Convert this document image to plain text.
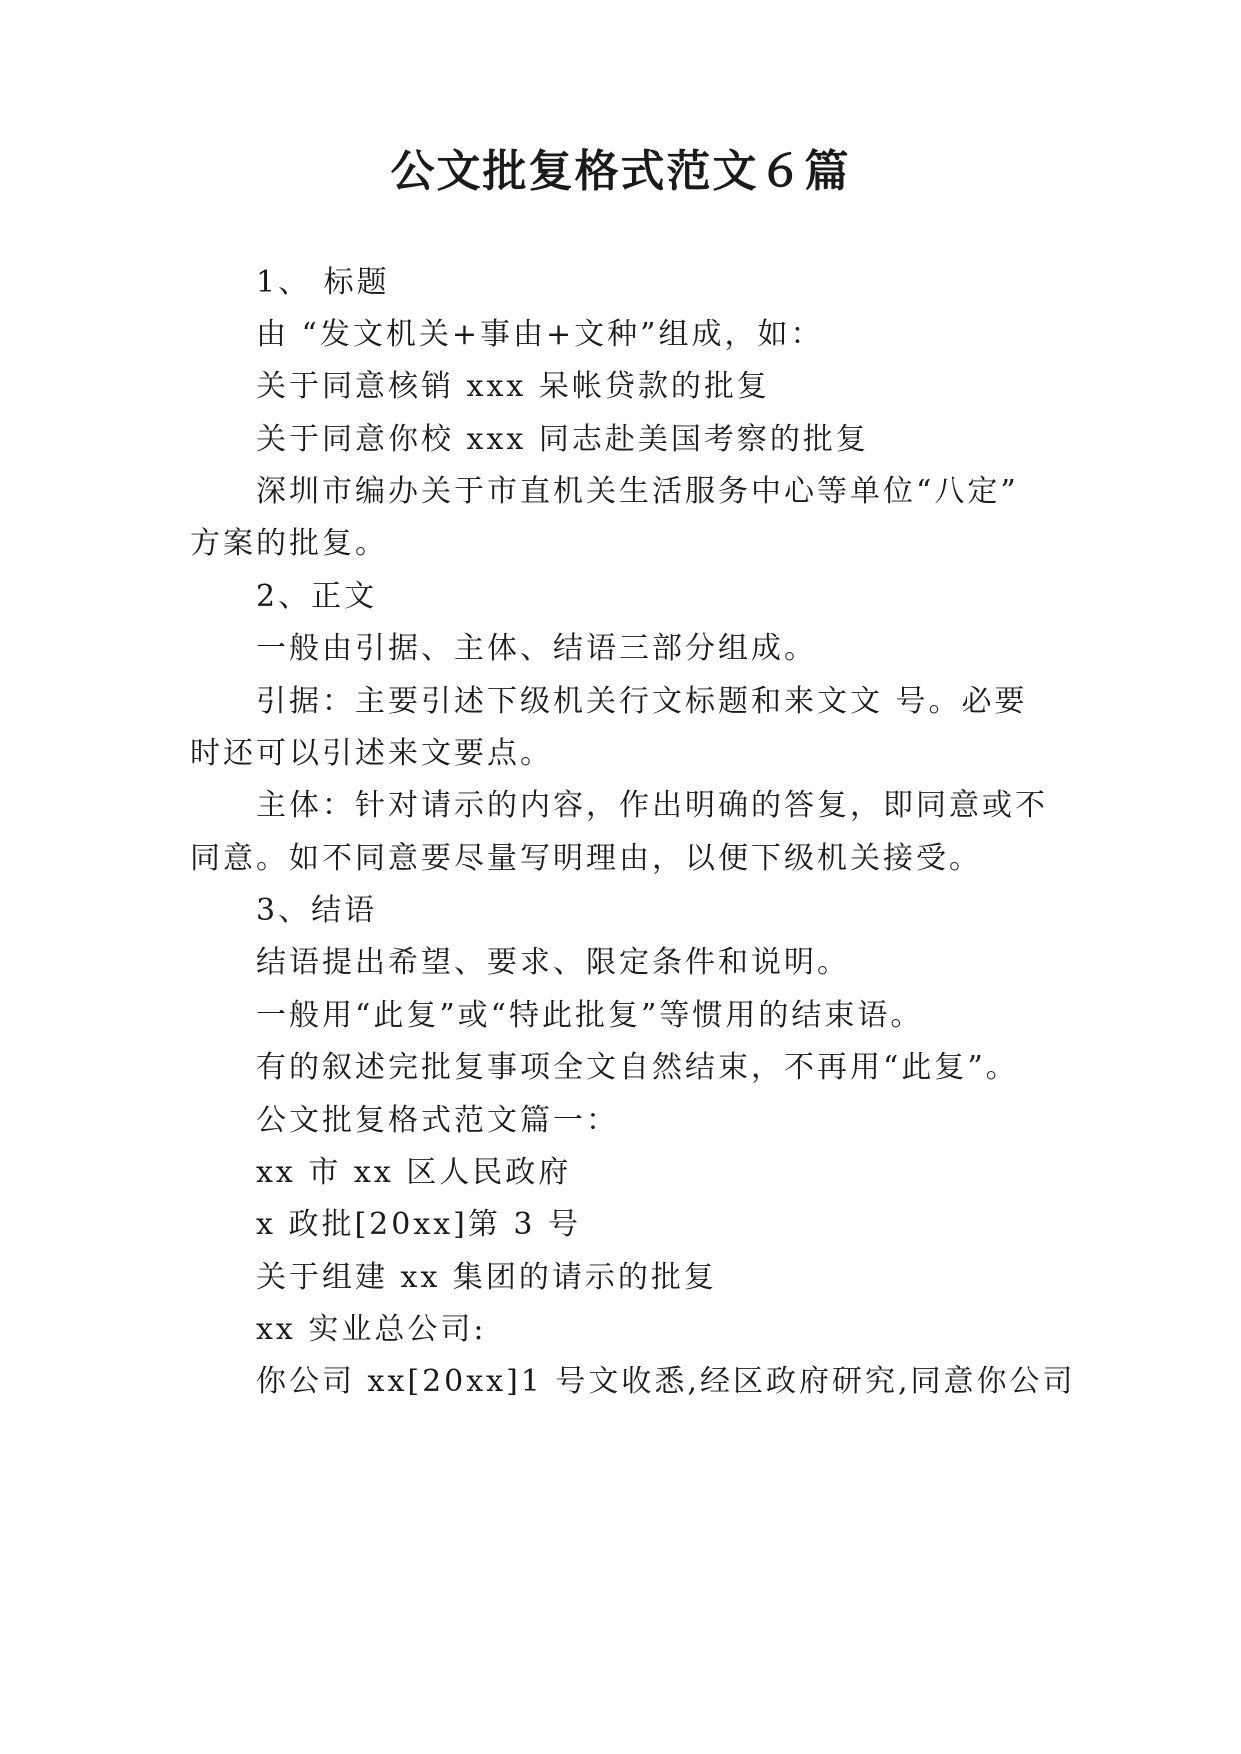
公文批复格式范文６篇
1、 标题
由 “发文机关+事由+文种”组成，如：
关于同意核销 xxx 呆帐贷款的批复
关于同意你校 xxx 同志赴美国考察的批复
深圳市编办关于市直机关生活服务中心等单位“八定”
方案的批复。
2、正文
一般由引据、主体、结语三部分组成。
引据：主要引述下级机关行文标题和来文文 号。必要
时还可以引述来文要点。
主体：针对请示的内容，作出明确的答复，即同意或不
同意。如不同意要尽量写明理由，以便下级机关接受。
3、结语
结语提出希望、要求、限定条件和说明。
一般用“此复”或“特此批复”等惯用的结束语。
有的叙述完批复事项全文自然结束，不再用“此复”。
公文批复格式范文篇一：
xx 市 xx 区人民政府
x 政批[20xx]第 3 号
关于组建 xx 集团的请示的批复
xx 实业总公司:
你公司 xx[20xx]1 号文收悉,经区政府研究,同意你公司
